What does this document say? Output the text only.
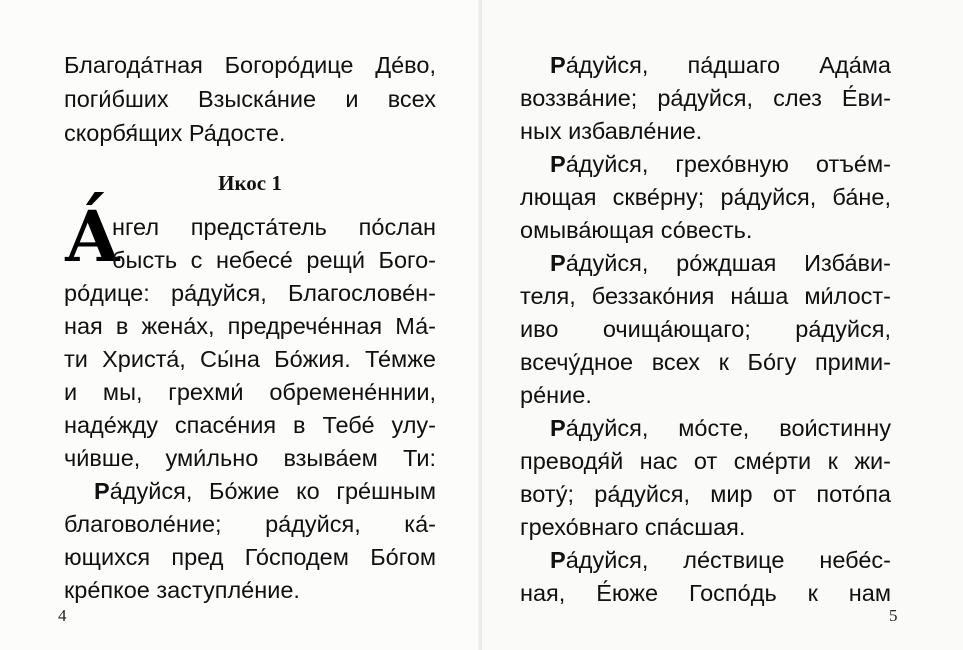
Благода́тная Богоро́дице Де́во,
поги́бших Взыска́ние и всех
скорбя́щих Ра́досте.
Икос 1
А́
нгел предста́тель по́слан
бысть с небесе́ рещи́ Бого-
ро́дице: ра́дуйся, Благослове́н-
ная в жена́х, предрече́нная Ма́-
ти Христа́, Сы́на Бо́жия. Те́мже
и мы, грехми́ обремене́ннии,
наде́жду спасе́ния в Тебе́ улу-
чи́вше, уми́льно взыва́ем Ти:
Ра́дуйся, Бо́жие ко гре́шным
благоволе́ние; ра́дуйся, ка́-
ющихся пред Го́сподем Бо́гом
кре́пкое заступле́ние.
4
Ра́дуйся, па́дшаго Ада́ма
воззва́ние; ра́дуйся, слез Е́ви-
ных избавле́ние.
Ра́дуйся, грехо́вную отъе́м-
лющая скве́рну; ра́дуйся, ба́не,
омыва́ющая со́весть.
Ра́дуйся, ро́ждшая Изба́ви-
теля, беззако́ния на́ша ми́лост-
иво очища́ющаго; ра́дуйся,
всечу́дное всех к Бо́гу прими-
ре́ние.
Ра́дуйся, мо́сте, вои́стинну
преводя́й нас от сме́рти к жи-
воту́; ра́дуйся, мир от пото́па
грехо́внаго спа́сшая.
Ра́дуйся, ле́ствице небе́с-
ная, Е́юже Госпо́дь к нам
5
